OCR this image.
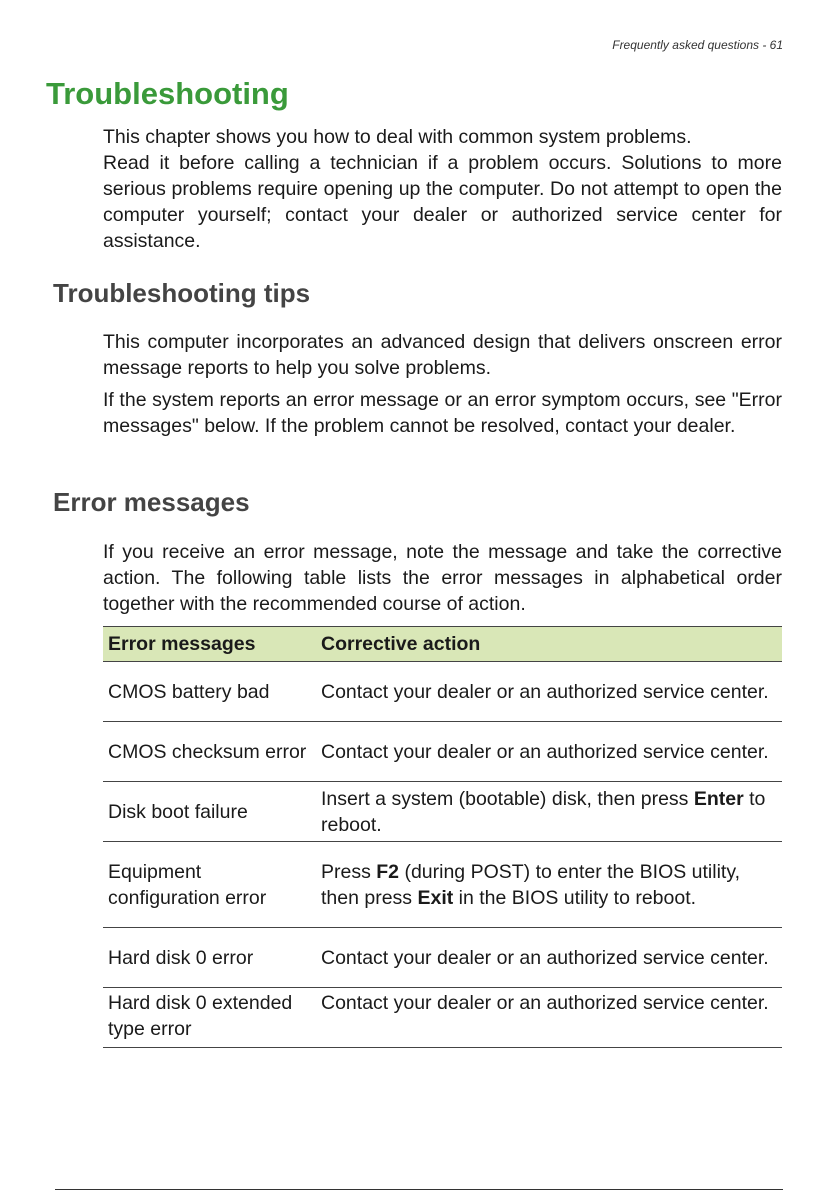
Frequently asked questions - 61
Troubleshooting

This chapter shows you how to deal with common system problems.

Read it before calling a technician if a problem occurs. Solutions to more serious problems require opening up the computer. Do not attempt to open the computer yourself; contact your dealer or authorized service center for assistance.

Troubleshooting tips

This computer incorporates an advanced design that delivers onscreen error message reports to help you solve problems.

If the system reports an error message or an error symptom occurs, see "Error messages" below. If the problem cannot be resolved, contact your dealer.

Error messages

If you receive an error message, note the message and take the corrective action. The following table lists the error messages in alphabetical order together with the recommended course of action.

Error messages	Corrective action
CMOS battery bad	Contact your dealer or an authorized service center.
CMOS checksum error	Contact your dealer or an authorized service center.
Disk boot failure	Insert a system (bootable) disk, then press Enter to reboot.
Equipment configuration error	Press F2 (during POST) to enter the BIOS utility, then press Exit in the BIOS utility to reboot.
Hard disk 0 error	Contact your dealer or an authorized service center.
Hard disk 0 extended type error	Contact your dealer or an authorized service center.
